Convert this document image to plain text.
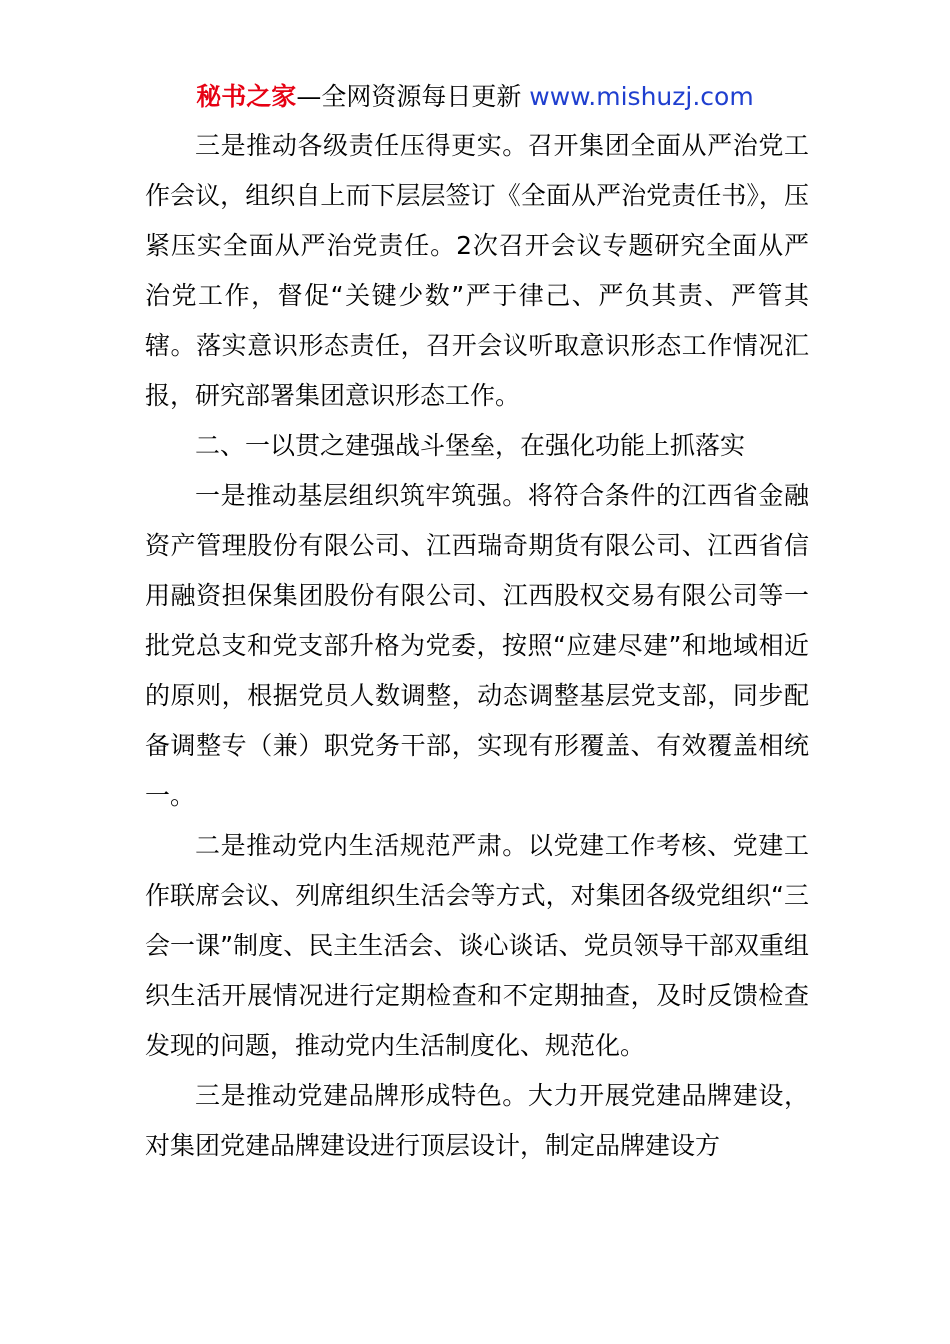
秘书之家—全网资源每日更新 www.mishuzj.com

三是推动各级责任压得更实。召开集团全面从严治党工作会议，组织自上而下层层签订《全面从严治党责任书》，压紧压实全面从严治党责任。2次召开会议专题研究全面从严治党工作，督促“关键少数”严于律己、严负其责、严管其辖。落实意识形态责任，召开会议听取意识形态工作情况汇报，研究部署集团意识形态工作。

二、一以贯之建强战斗堡垒，在强化功能上抓落实

一是推动基层组织筑牢筑强。将符合条件的江西省金融资产管理股份有限公司、江西瑞奇期货有限公司、江西省信用融资担保集团股份有限公司、江西股权交易有限公司等一批党总支和党支部升格为党委，按照“应建尽建”和地域相近的原则，根据党员人数调整，动态调整基层党支部，同步配备调整专（兼）职党务干部，实现有形覆盖、有效覆盖相统一。

二是推动党内生活规范严肃。以党建工作考核、党建工作联席会议、列席组织生活会等方式，对集团各级党组织“三会一课”制度、民主生活会、谈心谈话、党员领导干部双重组织生活开展情况进行定期检查和不定期抽查，及时反馈检查发现的问题，推动党内生活制度化、规范化。

三是推动党建品牌形成特色。大力开展党建品牌建设，对集团党建品牌建设进行顶层设计，制定品牌建设方
